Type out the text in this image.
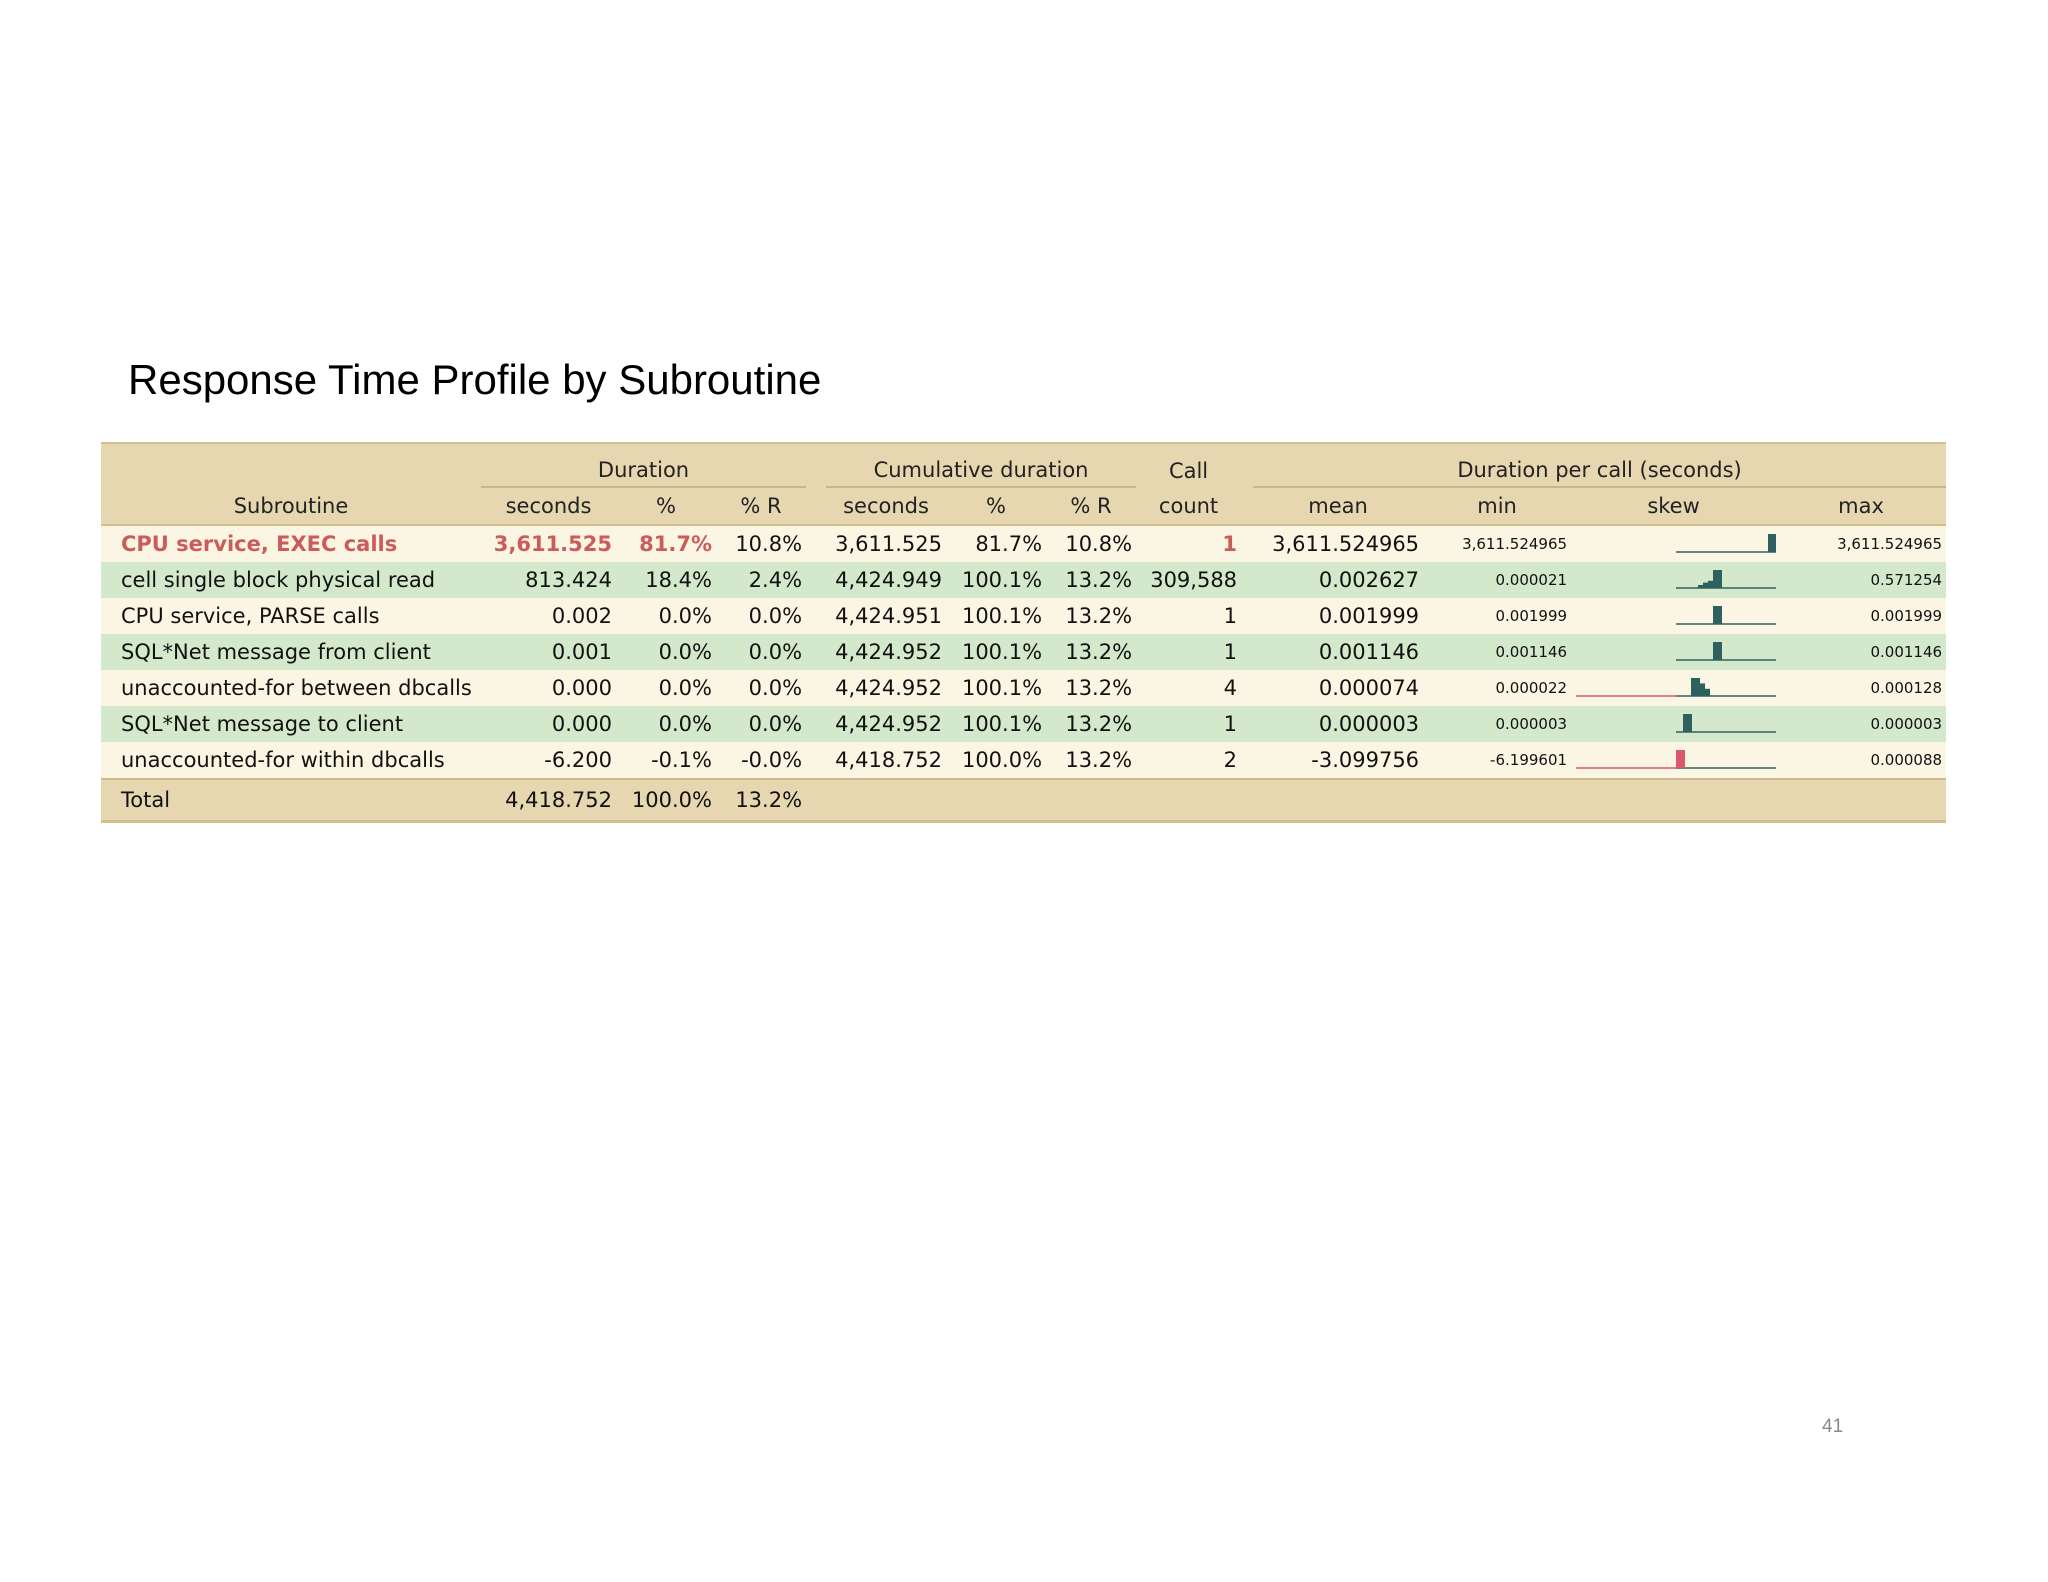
Response Time Profile by Subroutine
	Duration				Cumulative duration			Call		Duration per call (seconds)			
Subroutine	seconds	%	% R		seconds	%	% R	count		mean	min	skew	max
CPU service, EXEC calls	3,611.525	81.7%	10.8%		3,611.525	81.7%	10.8%	1		3,611.524965	3,611.524965		3,611.524965
cell single block physical read	813.424	18.4%	2.4%		4,424.949	100.1%	13.2%	309,588		0.002627	0.000021		0.571254
CPU service, PARSE calls	0.002	0.0%	0.0%		4,424.951	100.1%	13.2%	1		0.001999	0.001999		0.001999
SQL*Net message from client	0.001	0.0%	0.0%		4,424.952	100.1%	13.2%	1		0.001146	0.001146		0.001146
unaccounted-for between dbcalls	0.000	0.0%	0.0%		4,424.952	100.1%	13.2%	4		0.000074	0.000022		0.000128
SQL*Net message to client	0.000	0.0%	0.0%		4,424.952	100.1%	13.2%	1		0.000003	0.000003		0.000003
unaccounted-for within dbcalls	-6.200	-0.1%	-0.0%		4,418.752	100.0%	13.2%	2		-3.099756	-6.199601		0.000088
Total	4,418.752	100.0%	13.2%										
41
